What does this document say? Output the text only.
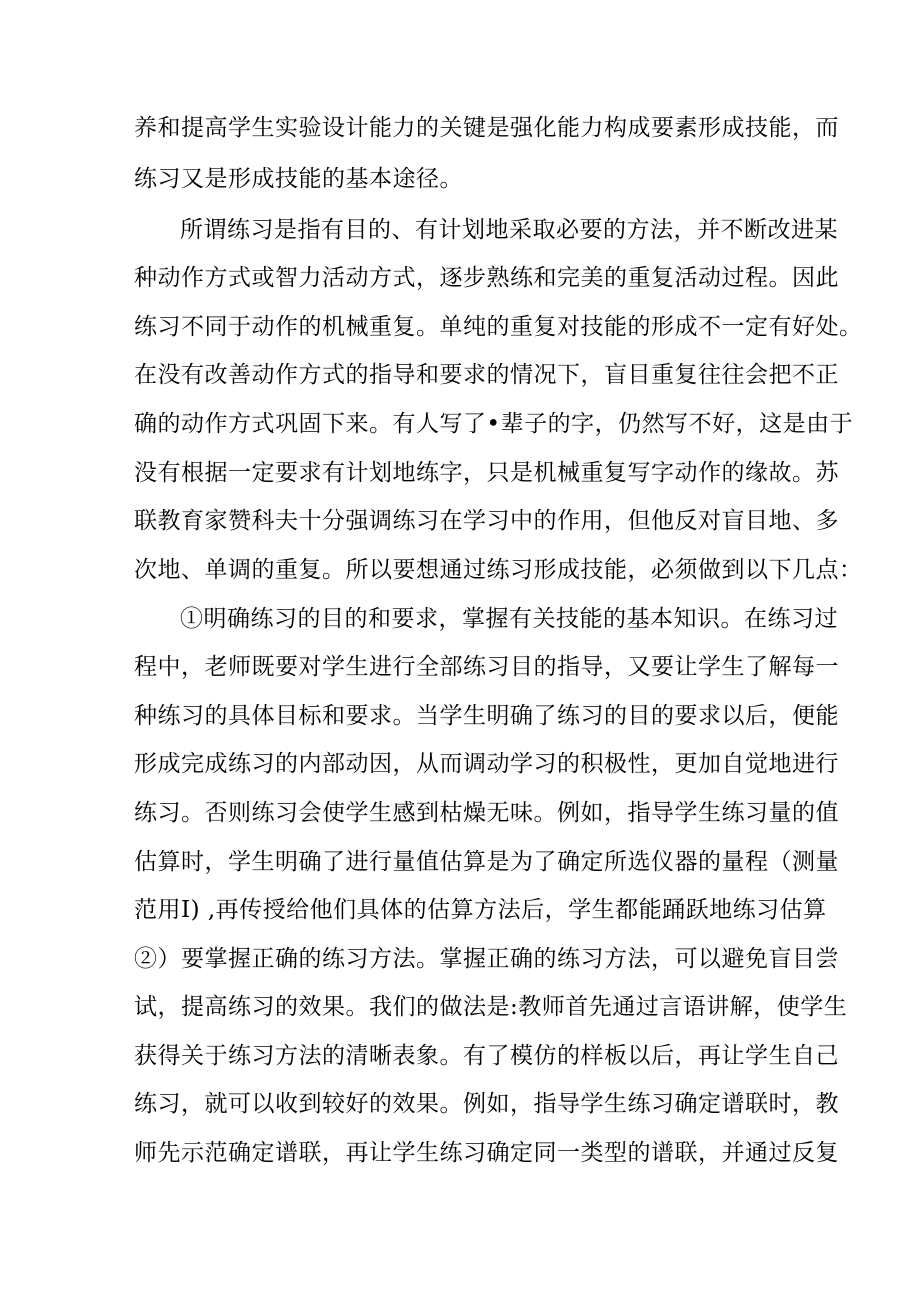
养和提高学生实验设计能力的关键是强化能力构成要素形成技能，而
练习又是形成技能的基本途径。
所谓练习是指有目的、有计划地采取必要的方法，并不断改进某
种动作方式或智力活动方式，逐步熟练和完美的重复活动过程。因此
练习不同于动作的机械重复。单纯的重复对技能的形成不一定有好处。
在没有改善动作方式的指导和要求的情况下，盲目重复往往会把不正
确的动作方式巩固下来。有人写了•辈子的字，仍然写不好，这是由于
没有根据一定要求有计划地练字，只是机械重复写字动作的缘故。苏
联教育家赞科夫十分强调练习在学习中的作用，但他反对盲目地、多
次地、单调的重复。所以要想通过练习形成技能，必须做到以下几点：
①明确练习的目的和要求，掌握有关技能的基本知识。在练习过
程中，老师既要对学生进行全部练习目的指导，又要让学生了解每一
种练习的具体目标和要求。当学生明确了练习的目的要求以后，便能
形成完成练习的内部动因，从而调动学习的积极性，更加自觉地进行
练习。否则练习会使学生感到枯燥无味。例如，指导学生练习量的值
估算时，学生明确了进行量值估算是为了确定所选仪器的量程（测量
范用I) ,再传授给他们具体的估算方法后，学生都能踊跃地练习估算
②）要掌握正确的练习方法。掌握正确的练习方法，可以避免盲目尝
试，提高练习的效果。我们的做法是:教师首先通过言语讲解，使学生
获得关于练习方法的清晰表象。有了模仿的样板以后，再让学生自己
练习，就可以收到较好的效果。例如，指导学生练习确定谱联时，教
师先示范确定谱联，再让学生练习确定同一类型的谱联，并通过反复
